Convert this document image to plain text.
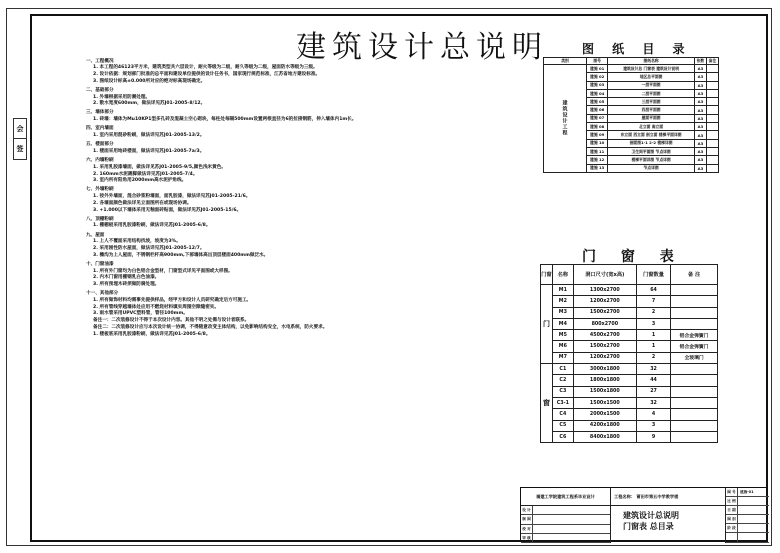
会
签
建筑设计总说明
一、工程概况
1. 本工程的46123平方米，建筑类型共六层设计，耐火等级为二级，耐久等级为二级，屋面防水等级为三级。
2. 设计依据：规划部门批准的总平面和建设单位提供的设计任务书，国家现行规范标准，江苏省地方建设标准。
3. 图纸设计标高±0.000所对应的绝对标高现场确定。
二、基础部分
1. 外墙根据采用防潮处理。
2. 散水宽度600mm，做法详见苏J01-2005-8/12。
三、墙体部分
1. 砖墙：墙体为Mu10KP1型多孔砖及混凝土空心砌块，每柱处每隔500mm设置两根直径为6的拉接钢筋，伸入墙体内1m长。
四、室内墙面
1. 室内采用混砂粉刷，做法详见苏J01-2005-13/2。
五、楼面部分
1. 楼面采用地砖楼面，做法详见苏J01-2005-7a/3。
六、内墙粉刷
1. 采用乳胶漆墙面，做法详见苏J01-2005-9/5,颜色浅米黄色。
2. 160mm水泥踢脚做法详见苏J01-2005-7/4。
3. 室内所有阳角用2000mm高水泥护角线。
七、外墙粉刷
1. 按外外墙面，混合砂浆粉墙面，面乳胶漆，做法详见苏J01-2005-21/6。
2. 各墙面颜色做法详见立面图所在或现场协调。
3. +1.000以下墙体采用无釉面砖贴面，做法详见苏J01-2005-15/6。
八、顶棚粉刷
1. 棚棚板采用乳胶漆粉刷，做法详见苏J01-2005-6/8。
九、屋面
1. 上人不覆面采用结构找坡，坡度为3%。
2. 采用刚性防水屋面，做法详见苏J01-2005-12/7。
3. 檐沟为上人屋面，不锈钢栏杆高900mm,下部墙体高出顶层楼面400mm做泛水。
十、门窗油漆
1. 所有外门窗均为白色铝合金型材，门窗型式详见平面图或大样图。
2. 内木门窗用棚钢乳白色油漆。
3. 所有预埋木砖须做防腐处理。
十一、其他部分
1. 所有做饰材料均需事先提供样品，经甲方和设计人员研究确定后方可施工。
2. 所有管线穿越墙体处应用不燃烧材料填实周围空隙缝密实。
3. 雨水管采用UPVC塑料管，管径100mm。
备注一：二次装修设计不得于本次设计内容。其他不明之处需与设计者联系。
备注二：二次装修设计应与本次设计统一协调，不得随意改变主体结构，以免影响结构安全，水电系统，防火要求。
1. 楼板底采用乳胶漆粉刷，做法详见苏J01-2005-6/8。
图 纸 目 录
类别	图号	图纸名称	张数	备注
建筑设计工程	建施 01	建筑设计总 门窗表 建筑设计说明	A3	
	建施 02	地区总平面图	A3	
	建施 03	一层平面图	A3	
	建施 04	二层平面图	A3	
	建施 05	三层平面图	A3	
	建施 06	四层平面图	A3	
	建施 07	屋面平面图	A3	
	建施 08	北立面 南立面	A3	
	建施 09	东立面 西立面 剖立面 楼梯平面详图	A3	
	建施 10	剖面图1-1 2-2 楼梯详图	A3	
	建施 11	卫生间平面图 节点详图	A3	
	建施 12	楼梯平面详图 节点详图	A3	
	建施 13	节点详图	A3	
门 窗 表
门窗	名称	洞口尺寸(宽x高)	门窗数量	备 注
门	M1	1300x2700	64	
	M2	1200x2700	7	
	M3	1500x2700	2	
	M4	800x2700	3	
	M5	4500x2700	1	铝合金弹簧门
	M6	1500x2700	1	铝合金弹簧门
	M7	1200x2700	2	全玻璃门
窗	C1	3000x1800	32	
	C2	1800x1800	44	
	C3	1500x1800	27	
	C3-1	1500x1500	32	
	C4	2000x1500	4	
	C5	4200x1800	3	
	C6	8400x1800	9	
福建工学院建筑工程系毕业设计	工程名称： 莆田市第五中学教学楼
设 计
制 图
校 对
审 核
建筑设计总说明
门窗表 总目录
图 号	建施-01
比 例
日 期
图 别
阶 段
